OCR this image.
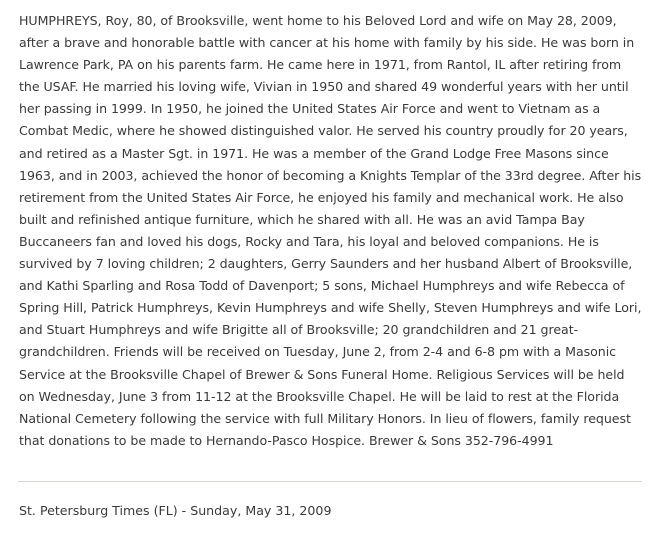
HUMPHREYS, Roy, 80, of Brooksville, went home to his Beloved Lord and wife on May 28, 2009, after a brave and honorable battle with cancer at his home with family by his side. He was born in Lawrence Park, PA on his parents farm. He came here in 1971, from Rantol, IL after retiring from the USAF. He married his loving wife, Vivian in 1950 and shared 49 wonderful years with her until her passing in 1999. In 1950, he joined the United States Air Force and went to Vietnam as a Combat Medic, where he showed distinguished valor. He served his country proudly for 20 years, and retired as a Master Sgt. in 1971. He was a member of the Grand Lodge Free Masons since 1963, and in 2003, achieved the honor of becoming a Knights Templar of the 33rd degree. After his retirement from the United States Air Force, he enjoyed his family and mechanical work. He also built and refinished antique furniture, which he shared with all. He was an avid Tampa Bay Buccaneers fan and loved his dogs, Rocky and Tara, his loyal and beloved companions. He is survived by 7 loving children; 2 daughters, Gerry Saunders and her husband Albert of Brooksville, and Kathi Sparling and Rosa Todd of Davenport; 5 sons, Michael Humphreys and wife Rebecca of Spring Hill, Patrick Humphreys, Kevin Humphreys and wife Shelly, Steven Humphreys and wife Lori, and Stuart Humphreys and wife Brigitte all of Brooksville; 20 grandchildren and 21 great-grandchildren. Friends will be received on Tuesday, June 2, from 2-4 and 6-8 pm with a Masonic Service at the Brooksville Chapel of Brewer & Sons Funeral Home. Religious Services will be held on Wednesday, June 3 from 11-12 at the Brooksville Chapel. He will be laid to rest at the Florida National Cemetery following the service with full Military Honors. In lieu of flowers, family request that donations to be made to Hernando-Pasco Hospice. Brewer & Sons 352-796-4991

St. Petersburg Times (FL) - Sunday, May 31, 2009
